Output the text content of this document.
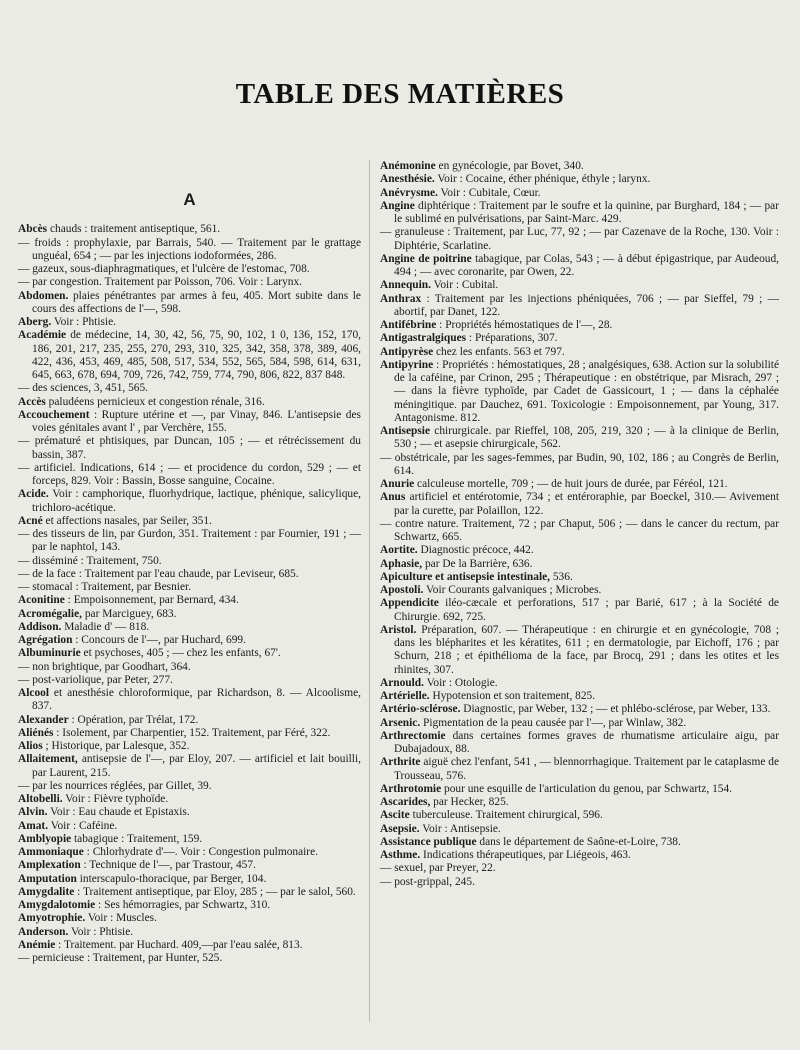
TABLE DES MATIÈRES
A

Abcès chauds : traitement antiseptique, 561.

— froids : prophylaxie, par Barrais, 540. — Traitement par le grattage unguéal, 654 ; — par les injections iodoformées, 286.

— gazeux, sous-diaphragmatiques, et l'ulcère de l'estomac, 708.

— par congestion. Traitement par Poisson, 706. Voir : Larynx.

Abdomen. plaies pénétrantes par armes à feu, 405. Mort subite dans le cours des affections de l'—, 598.

Aberg. Voir : Phtisie.

Académie de médecine, 14, 30, 42, 56, 75, 90, 102, 1 0, 136, 152, 170, 186, 201, 217, 235, 255, 270, 293, 310, 325, 342, 358, 378, 389, 406, 422, 436, 453, 469, 485, 508, 517, 534, 552, 565, 584, 598, 614, 631, 645, 663, 678, 694, 709, 726, 742, 759, 774, 790, 806, 822, 837 848.

— des sciences, 3, 451, 565.

Accès paludéens pernicieux et congestion rénale, 316.

Accouchement : Rupture utérine et —, par Vinay, 846. L'antisepsie des voies génitales avant l' , par Verchère, 155.

— prématuré et phtisiques, par Duncan, 105 ; — et rétrécissement du bassin, 387.

— artificiel. Indications, 614 ; — et procidence du cordon, 529 ; — et forceps, 829. Voir : Bassin, Bosse sanguine, Cocaine.

Acide. Voir : camphorique, fluorhydrique, lactique, phénique, salicylique, trichloro-acétique.

Acné et affections nasales, par Seiler, 351.

— des tisseurs de lin, par Gurdon, 351. Traitement : par Fournier, 191 ; — par le naphtol, 143.

— disséminé : Traitement, 750.

— de la face : Traitement par l'eau chaude, par Leviseur, 685.

— stomacal : Traitement, par Besnier.

Aconitine : Empoisonnement, par Bernard, 434.

Acromégalie, par Marciguey, 683.

Addison. Maladie d' — 818.

Agrégation : Concours de l'—, par Huchard, 699.

Albuminurie et psychoses, 405 ; — chez les enfants, 67'.

— non brightique, par Goodhart, 364.

— post-variolique, par Peter, 277.

Alcool et anesthésie chloroformique, par Richardson, 8. — Alcoolisme, 837.

Alexander : Opération, par Trélat, 172.

Aliénés : Isolement, par Charpentier, 152. Traitement, par Féré, 322.

Alios ; Historique, par Lalesque, 352.

Allaitement, antisepsie de l'—, par Eloy, 207. — artificiel et lait bouilli, par Laurent, 215.

— par les nourrices réglées, par Gillet, 39.

Altobelli. Voir : Fièvre typhoïde.

Alvin. Voir : Eau chaude et Epistaxis.

Amat. Voir : Caféine.

Amblyopie tabagique : Traitement, 159.

Ammoniaque : Chlorhydrate d'—. Voir : Congestion pulmonaire.

Amplexation : Technique de l'—, par Trastour, 457.

Amputation interscapulo-thoracique, par Berger, 104.

Amygdalite : Traitement antiseptique, par Eloy, 285 ; — par le salol, 560.

Amygdalotomie : Ses hémorragies, par Schwartz, 310.

Amyotrophie. Voir : Muscles.

Anderson. Voir : Phtisie.

Anémie : Traitement. par Huchard. 409,—par l'eau salée, 813.

— pernicieuse : Traitement, par Hunter, 525.

Anémonine en gynécologie, par Bovet, 340.

Anesthésie. Voir : Cocaine, éther phénique, éthyle ; larynx.

Anévrysme. Voir : Cubitale, Cœur.

Angine diphtérique : Traitement par le soufre et la quinine, par Burghard, 184 ; — par le sublimé en pulvérisations, par Saint-Marc. 429.

— granuleuse : Traitement, par Luc, 77, 92 ; — par Cazenave de la Roche, 130. Voir : Diphtérie, Scarlatine.

Angine de poitrine tabagique, par Colas, 543 ; — à début épigastrique, par Audeoud, 494 ; — avec coronarite, par Owen, 22.

Annequin. Voir : Cubital.

Anthrax : Traitement par les injections phéniquées, 706 ; — par Sieffel, 79 ; — abortif, par Danet, 122.

Antifébrine : Propriétés hémostatiques de l'—, 28.

Antigastralgiques : Préparations, 307.

Antipyrèse chez les enfants. 563 et 797.

Antipyrine : Propriétés : hémostatiques, 28 ; analgésiques, 638. Action sur la solubilité de la caféine, par Crinon, 295 ; Thérapeutique : en obstétrique, par Misrach, 297 ; — dans la fièvre typhoïde, par Cadet de Gassicourt, 1 ; — dans la céphalée méningitique. par Dauchez, 691. Toxicologie : Empoisonnement, par Young, 317. Antagonisme. 812.

Antisepsie chirurgicale. par Rieffel, 108, 205, 219, 320 ; — à la clinique de Berlin, 530 ; — et asepsie chirurgicale, 562.

— obstétricale, par les sages-femmes, par Budin, 90, 102, 186 ; au Congrès de Berlin, 614.

Anurie calculeuse mortelle, 709 ; — de huit jours de durée, par Féréol, 121.

Anus artificiel et entérotomie, 734 ; et entéroraphie, par Boeckel, 310.— Avivement par la curette, par Polaillon, 122.

— contre nature. Traitement, 72 ; par Chaput, 506 ; — dans le cancer du rectum, par Schwartz, 665.

Aortite. Diagnostic précoce, 442.

Aphasie, par De la Barrière, 636.

Apiculture et antisepsie intestinale, 536.

Apostoli. Voir Courants galvaniques ; Microbes.

Appendicite iléo-cæcale et perforations, 517 ; par Barié, 617 ; à la Société de Chirurgie. 692, 725.

Aristol. Préparation, 607. — Thérapeutique : en chirurgie et en gynécologie, 708 ; dans les blépharites et les kératites, 611 ; en dermatologie, par Eichoff, 176 ; par Schurn, 218 ; et épithélioma de la face, par Brocq, 291 ; dans les otites et les rhinites, 307.

Arnould. Voir : Otologie.

Artérielle. Hypotension et son traitement, 825.

Artério-sclérose. Diagnostic, par Weber, 132 ; — et phlébo-sclérose, par Weber, 133.

Arsenic. Pigmentation de la peau causée par l'—, par Winlaw, 382.

Arthrectomie dans certaines formes graves de rhumatisme articulaire aigu, par Dubajadoux, 88.

Arthrite aiguë chez l'enfant, 541 , — blennorrhagique. Traitement par le cataplasme de Trousseau, 576.

Arthrotomie pour une esquille de l'articulation du genou, par Schwartz, 154.

Ascarides, par Hecker, 825.

Ascite tuberculeuse. Traitement chirurgical, 596.

Asepsie. Voir : Antisepsie.

Assistance publique dans le département de Saône-et-Loire, 738.

Asthme. Indications thérapeutiques, par Liégeois, 463.

— sexuel, par Preyer, 22.

— post-grippal, 245.
